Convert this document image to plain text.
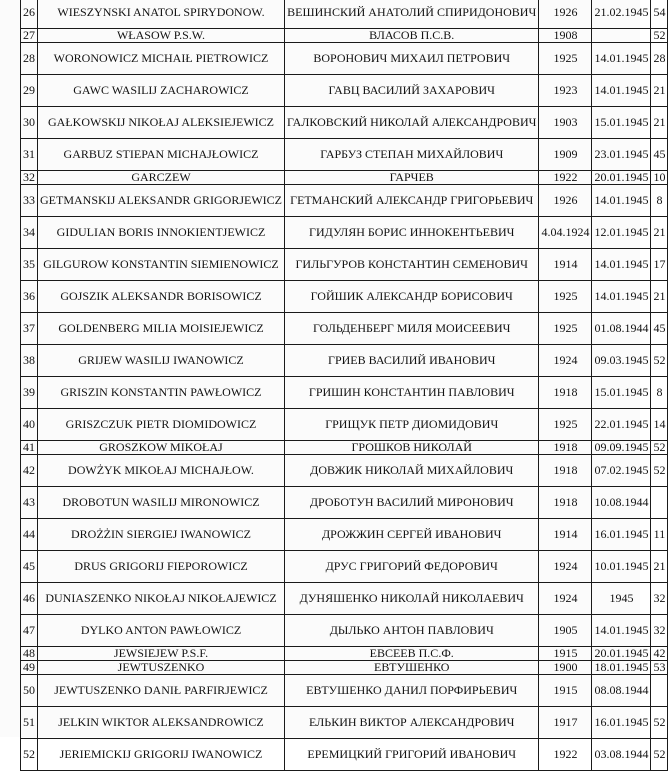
26	WIESZYNSKI ANATOL SPIRYDONOW.	ВЕШИНСКИЙ АНАТОЛИЙ СПИРИДОНОВИЧ	1926	21.02.1945	54
27	WŁASOW P.S.W.	ВЛАСОВ П.С.В.	1908		52
28	WORONOWICZ MICHAIŁ PIETROWICZ	ВОРОНОВИЧ МИХАИЛ ПЕТРОВИЧ	1925	14.01.1945	28
29	GAWC WASILIJ ZACHAROWICZ	ГАВЦ ВАСИЛИЙ ЗАХАРОВИЧ	1923	14.01.1945	21
30	GAŁKOWSKIJ NIKOŁAJ ALEKSIEJEWICZ	ГАЛКОВСКИЙ НИКОЛАЙ АЛЕКСАНДРОВИЧ	1903	15.01.1945	21
31	GARBUZ STIEPAN MICHAJŁOWICZ	ГАРБУЗ СТЕПАН МИХАЙЛОВИЧ	1909	23.01.1945	45
32	GARCZEW	ГАРЧЕВ	1922	20.01.1945	10
33	GETMANSKIJ ALEKSANDR GRIGORJEWICZ	ГЕТМАНСКИЙ АЛЕКСАНДР ГРИГОРЬЕВИЧ	1926	14.01.1945	8
34	GIDULIAN BORIS INNOKIENTJEWICZ	ГИДУЛЯН БОРИС ИННОКЕНТЬЕВИЧ	4.04.1924	12.01.1945	21
35	GILGUROW KONSTANTIN SIEMIENOWICZ	ГИЛЬГУРОВ КОНСТАНТИН СЕМЕНОВИЧ	1914	14.01.1945	17
36	GOJSZIK ALEKSANDR BORISOWICZ	ГОЙШИК АЛЕКСАНДР БОРИСОВИЧ	1925	14.01.1945	21
37	GOLDENBERG MILIA MOISIEJEWICZ	ГОЛЬДЕНБЕРГ МИЛЯ МОИСЕЕВИЧ	1925	01.08.1944	45
38	GRIJEW WASILIJ IWANOWICZ	ГРИЕВ ВАСИЛИЙ ИВАНОВИЧ	1924	09.03.1945	52
39	GRISZIN KONSTANTIN PAWŁOWICZ	ГРИШИН КОНСТАНТИН ПАВЛОВИЧ	1918	15.01.1945	8
40	GRISZCZUK PIETR DIOMIDOWICZ	ГРИЩУК ПЕТР ДИОМИДОВИЧ	1925	22.01.1945	14
41	GROSZKOW MIKOŁAJ	ГРОШКОВ НИКОЛАЙ	1918	09.09.1945	52
42	DOWŻYK MIKOŁAJ MICHAJŁOW.	ДОВЖИК НИКОЛАЙ МИХАЙЛОВИЧ	1918	07.02.1945	52
43	DROBOTUN WASILIJ MIRONOWICZ	ДРОБОТУН ВАСИЛИЙ МИРОНОВИЧ	1918	10.08.1944	
44	DROŻŻIN SIERGIEJ IWANOWICZ	ДРОЖЖИН СЕРГЕЙ ИВАНОВИЧ	1914	16.01.1945	11
45	DRUS GRIGORIJ FIEPOROWICZ	ДРУС ГРИГОРИЙ ФЕДОРОВИЧ	1924	10.01.1945	21
46	DUNIASZENKO NIKOŁAJ NIKOŁAJEWICZ	ДУНЯШЕНКО НИКОЛАЙ НИКОЛАЕВИЧ	1924	1945	32
47	DYLKO ANTON PAWŁOWICZ	ДЫЛЬКО АНТОН ПАВЛОВИЧ	1905	14.01.1945	32
48	JEWSIEJEW P.S.F.	ЕВСЕЕВ П.С.Ф.	1915	20.01.1945	42
49	JEWTUSZENKO	ЕВТУШЕНКО	1900	18.01.1945	53
50	JEWTUSZENKO DANIŁ PARFIRJEWICZ	ЕВТУШЕНКО ДАНИЛ ПОРФИРЬЕВИЧ	1915	08.08.1944	
51	JELKIN WIKTOR ALEKSANDROWICZ	ЕЛЬКИН ВИКТОР АЛЕКСАНДРОВИЧ	1917	16.01.1945	52
52	JERIEMICKIJ GRIGORIJ IWANOWICZ	ЕРЕМИЦКИЙ ГРИГОРИЙ ИВАНОВИЧ	1922	03.08.1944	52
